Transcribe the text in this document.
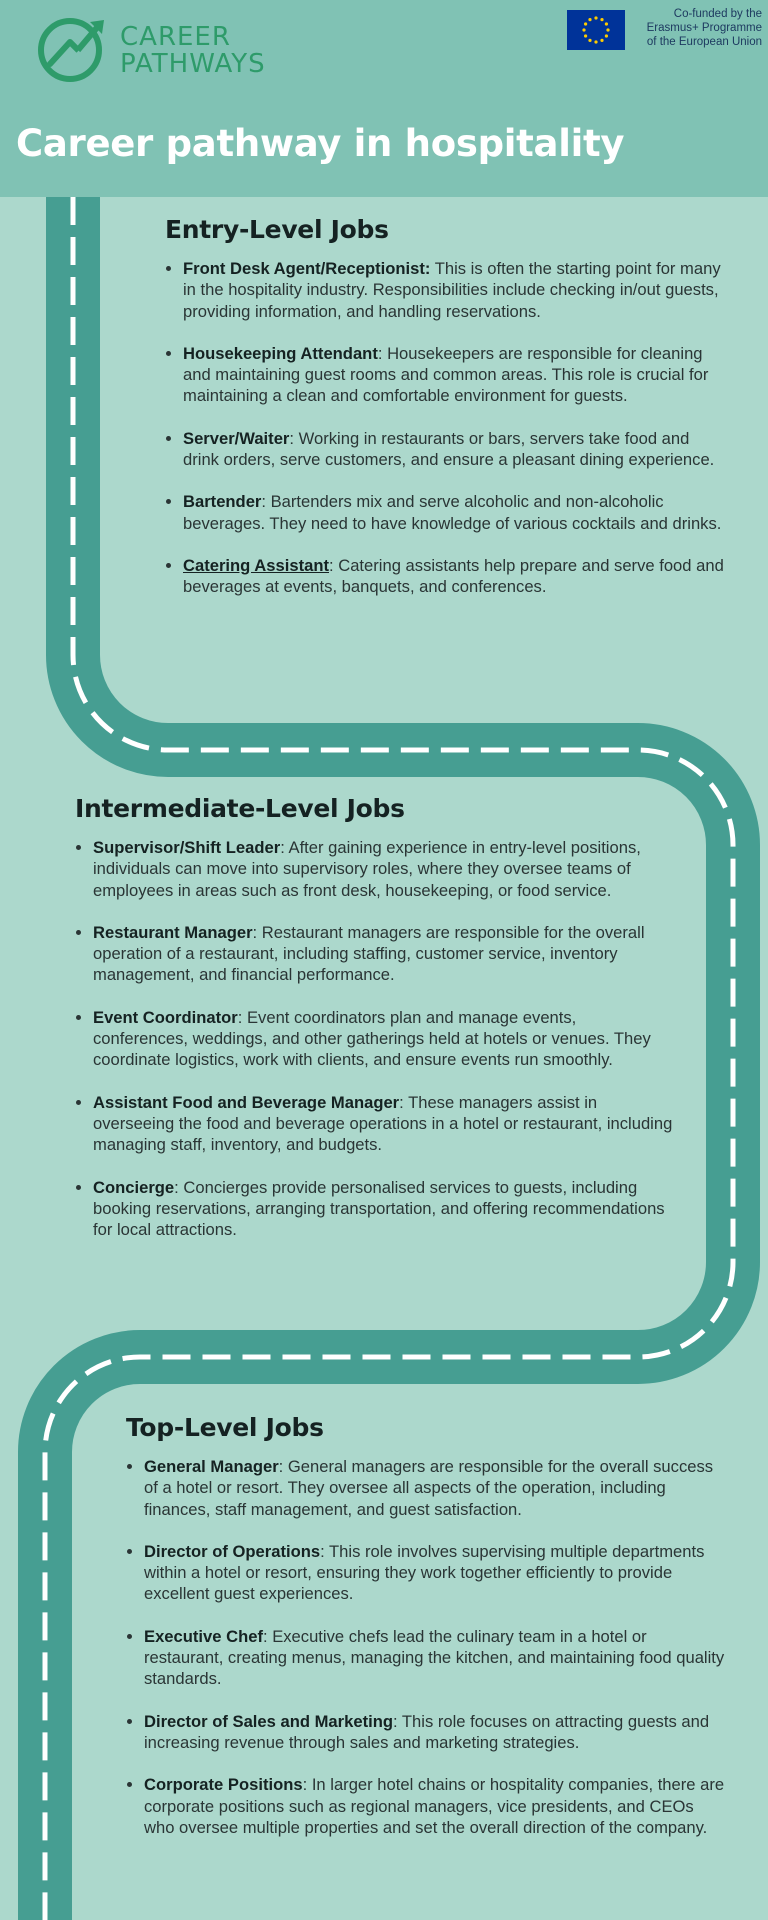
CAREER
PATHWAYS
Co-funded by the
Erasmus+ Programme
of the European Union
Career pathway in hospitality
Entry-Level Jobs
• Front Desk Agent/Receptionist: This is often the starting point for many in the hospitality industry. Responsibilities include checking in/out guests, providing information, and handling reservations.
• Housekeeping Attendant: Housekeepers are responsible for cleaning and maintaining guest rooms and common areas. This role is crucial for maintaining a clean and comfortable environment for guests.
• Server/Waiter: Working in restaurants or bars, servers take food and drink orders, serve customers, and ensure a pleasant dining experience.
• Bartender: Bartenders mix and serve alcoholic and non-alcoholic beverages. They need to have knowledge of various cocktails and drinks.
• Catering Assistant: Catering assistants help prepare and serve food and beverages at events, banquets, and conferences.
Intermediate-Level Jobs
• Supervisor/Shift Leader: After gaining experience in entry-level positions, individuals can move into supervisory roles, where they oversee teams of employees in areas such as front desk, housekeeping, or food service.
• Restaurant Manager: Restaurant managers are responsible for the overall operation of a restaurant, including staffing, customer service, inventory management, and financial performance.
• Event Coordinator: Event coordinators plan and manage events, conferences, weddings, and other gatherings held at hotels or venues. They coordinate logistics, work with clients, and ensure events run smoothly.
• Assistant Food and Beverage Manager: These managers assist in overseeing the food and beverage operations in a hotel or restaurant, including managing staff, inventory, and budgets.
• Concierge: Concierges provide personalised services to guests, including booking reservations, arranging transportation, and offering recommendations for local attractions.
Top-Level Jobs
• General Manager: General managers are responsible for the overall success of a hotel or resort. They oversee all aspects of the operation, including finances, staff management, and guest satisfaction.
• Director of Operations: This role involves supervising multiple departments within a hotel or resort, ensuring they work together efficiently to provide excellent guest experiences.
• Executive Chef: Executive chefs lead the culinary team in a hotel or restaurant, creating menus, managing the kitchen, and maintaining food quality standards.
• Director of Sales and Marketing: This role focuses on attracting guests and increasing revenue through sales and marketing strategies.
• Corporate Positions: In larger hotel chains or hospitality companies, there are corporate positions such as regional managers, vice presidents, and CEOs who oversee multiple properties and set the overall direction of the company.
